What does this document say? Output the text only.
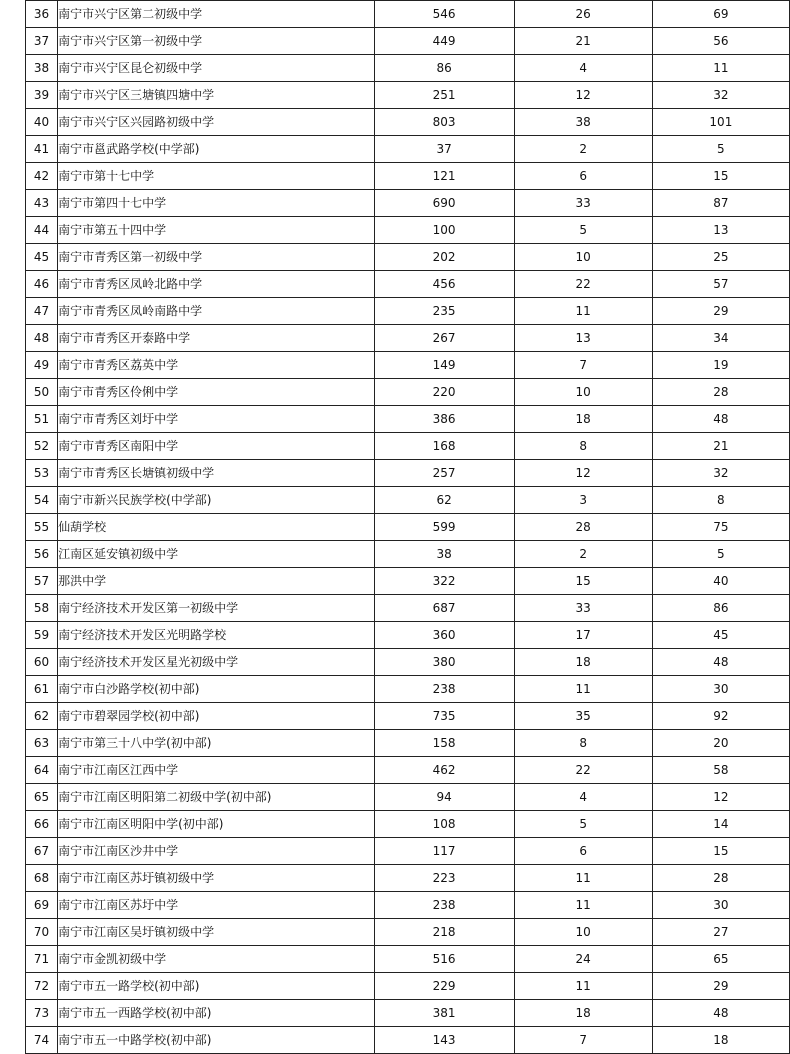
36	南宁市兴宁区第二初级中学	546	26	69
37	南宁市兴宁区第一初级中学	449	21	56
38	南宁市兴宁区昆仑初级中学	86	4	11
39	南宁市兴宁区三塘镇四塘中学	251	12	32
40	南宁市兴宁区兴园路初级中学	803	38	101
41	南宁市邕武路学校(中学部)	37	2	5
42	南宁市第十七中学	121	6	15
43	南宁市第四十七中学	690	33	87
44	南宁市第五十四中学	100	5	13
45	南宁市青秀区第一初级中学	202	10	25
46	南宁市青秀区凤岭北路中学	456	22	57
47	南宁市青秀区凤岭南路中学	235	11	29
48	南宁市青秀区开泰路中学	267	13	34
49	南宁市青秀区荔英中学	149	7	19
50	南宁市青秀区伶俐中学	220	10	28
51	南宁市青秀区刘圩中学	386	18	48
52	南宁市青秀区南阳中学	168	8	21
53	南宁市青秀区长塘镇初级中学	257	12	32
54	南宁市新兴民族学校(中学部)	62	3	8
55	仙葫学校	599	28	75
56	江南区延安镇初级中学	38	2	5
57	那洪中学	322	15	40
58	南宁经济技术开发区第一初级中学	687	33	86
59	南宁经济技术开发区光明路学校	360	17	45
60	南宁经济技术开发区星光初级中学	380	18	48
61	南宁市白沙路学校(初中部)	238	11	30
62	南宁市碧翠园学校(初中部)	735	35	92
63	南宁市第三十八中学(初中部)	158	8	20
64	南宁市江南区江西中学	462	22	58
65	南宁市江南区明阳第二初级中学(初中部)	94	4	12
66	南宁市江南区明阳中学(初中部)	108	5	14
67	南宁市江南区沙井中学	117	6	15
68	南宁市江南区苏圩镇初级中学	223	11	28
69	南宁市江南区苏圩中学	238	11	30
70	南宁市江南区吴圩镇初级中学	218	10	27
71	南宁市金凯初级中学	516	24	65
72	南宁市五一路学校(初中部)	229	11	29
73	南宁市五一西路学校(初中部)	381	18	48
74	南宁市五一中路学校(初中部)	143	7	18
